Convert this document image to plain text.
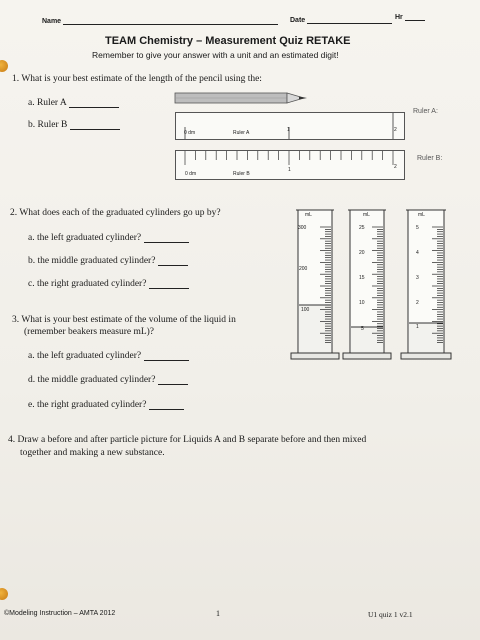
Name	Date	Hr
TEAM Chemistry – Measurement Quiz RETAKE
Remember to give your answer with a unit and an estimated digit!
1. What is your best estimate of the length of the pencil using the:
a. Ruler A
b. Ruler B
Ruler A:
0 dm	Ruler A	1	2
Ruler B:
0 dm	Ruler B
1	2
2. What does each of the graduated cylinders go up by?
a. the left graduated cylinder?
b. the middle graduated cylinder?
c. the right graduated cylinder?
3. What is your best estimate of the volume of the liquid in
(remember beakers measure mL)?
a. the left graduated cylinder?
d. the middle graduated cylinder?
e. the right graduated cylinder?
mL
300
200
100
mL
25
20
15
10
5
mL
5
4
3
2
1
4. Draw a before and after particle picture for Liquids A and B separate before and then mixed
together and making a new substance.
©Modeling Instruction – AMTA 2012	1	U1 quiz 1 v2.1
